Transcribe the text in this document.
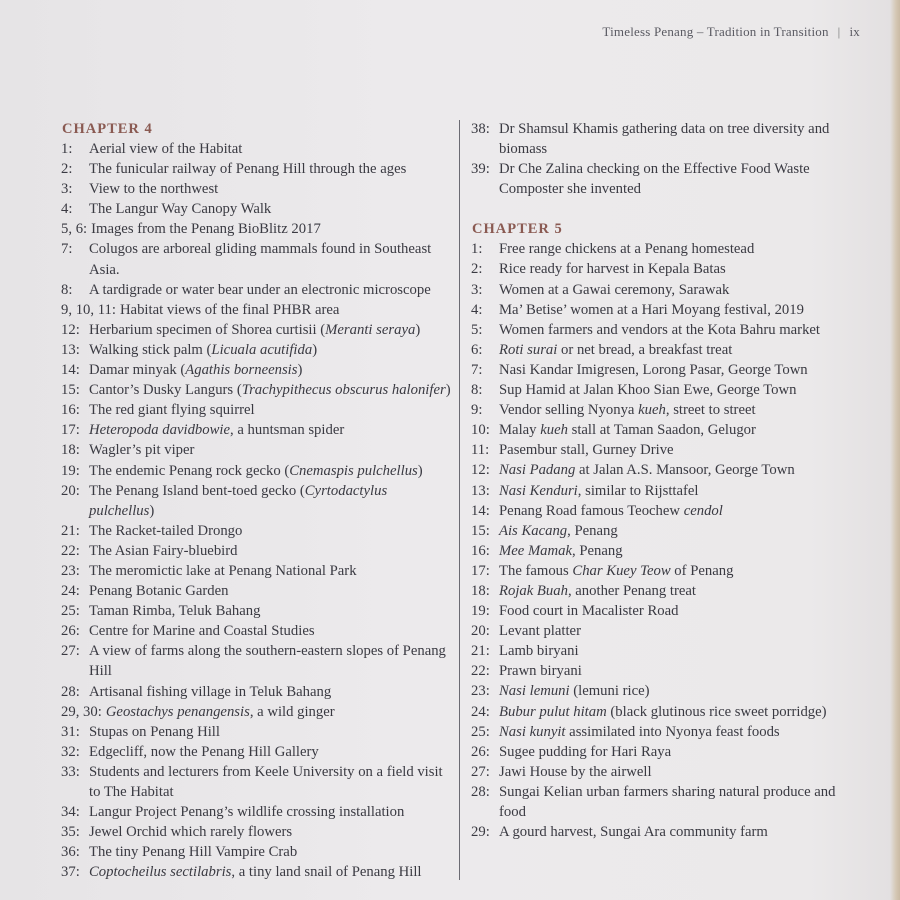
Timeless Penang – Tradition in Transition | ix
CHAPTER 4
1:	Aerial view of the Habitat
2:	The funicular railway of Penang Hill through the ages
3:	View to the northwest
4:	The Langur Way Canopy Walk
5, 6: Images from the Penang BioBlitz 2017
7:	Colugos are arboreal gliding mammals found in Southeast Asia.
8:	A tardigrade or water bear under an electronic microscope
9, 10, 11: Habitat views of the final PHBR area
12: Herbarium specimen of Shorea curtisii (Meranti seraya)
13: Walking stick palm (Licuala acutifida)
14: Damar minyak (Agathis borneensis)
15: Cantor’s Dusky Langurs (Trachypithecus obscurus halonifer)
16: The red giant flying squirrel
17: Heteropoda davidbowie, a huntsman spider
18: Wagler’s pit viper
19: The endemic Penang rock gecko (Cnemaspis pulchellus)
20: The Penang Island bent-toed gecko (Cyrtodactylus pulchellus)
21: The Racket-tailed Drongo
22: The Asian Fairy-bluebird
23: The meromictic lake at Penang National Park
24: Penang Botanic Garden
25: Taman Rimba, Teluk Bahang
26: Centre for Marine and Coastal Studies
27: A view of farms along the southern-eastern slopes of Penang Hill
28: Artisanal fishing village in Teluk Bahang
29, 30: Geostachys penangensis, a wild ginger
31: Stupas on Penang Hill
32: Edgecliff, now the Penang Hill Gallery
33: Students and lecturers from Keele University on a field visit to The Habitat
34: Langur Project Penang’s wildlife crossing installation
35: Jewel Orchid which rarely flowers
36: The tiny Penang Hill Vampire Crab
37: Coptocheilus sectilabris, a tiny land snail of Penang Hill
38: Dr Shamsul Khamis gathering data on tree diversity and biomass
39: Dr Che Zalina checking on the Effective Food Waste Composter she invented
CHAPTER 5
1:	Free range chickens at a Penang homestead
2:	Rice ready for harvest in Kepala Batas
3:	Women at a Gawai ceremony, Sarawak
4:	Ma’ Betise’ women at a Hari Moyang festival, 2019
5:	Women farmers and vendors at the Kota Bahru market
6:	Roti surai or net bread, a breakfast treat
7:	Nasi Kandar Imigresen, Lorong Pasar, George Town
8:	Sup Hamid at Jalan Khoo Sian Ewe, George Town
9:	Vendor selling Nyonya kueh, street to street
10: Malay kueh stall at Taman Saadon, Gelugor
11: Pasembur stall, Gurney Drive
12: Nasi Padang at Jalan A.S. Mansoor, George Town
13: Nasi Kenduri, similar to Rijsttafel
14: Penang Road famous Teochew cendol
15: Ais Kacang, Penang
16: Mee Mamak, Penang
17: The famous Char Kuey Teow of Penang
18: Rojak Buah, another Penang treat
19: Food court in Macalister Road
20: Levant platter
21: Lamb biryani
22: Prawn biryani
23: Nasi lemuni (lemuni rice)
24: Bubur pulut hitam (black glutinous rice sweet porridge)
25: Nasi kunyit assimilated into Nyonya feast foods
26: Sugee pudding for Hari Raya
27: Jawi House by the airwell
28: Sungai Kelian urban farmers sharing natural produce and food
29: A gourd harvest, Sungai Ara community farm
